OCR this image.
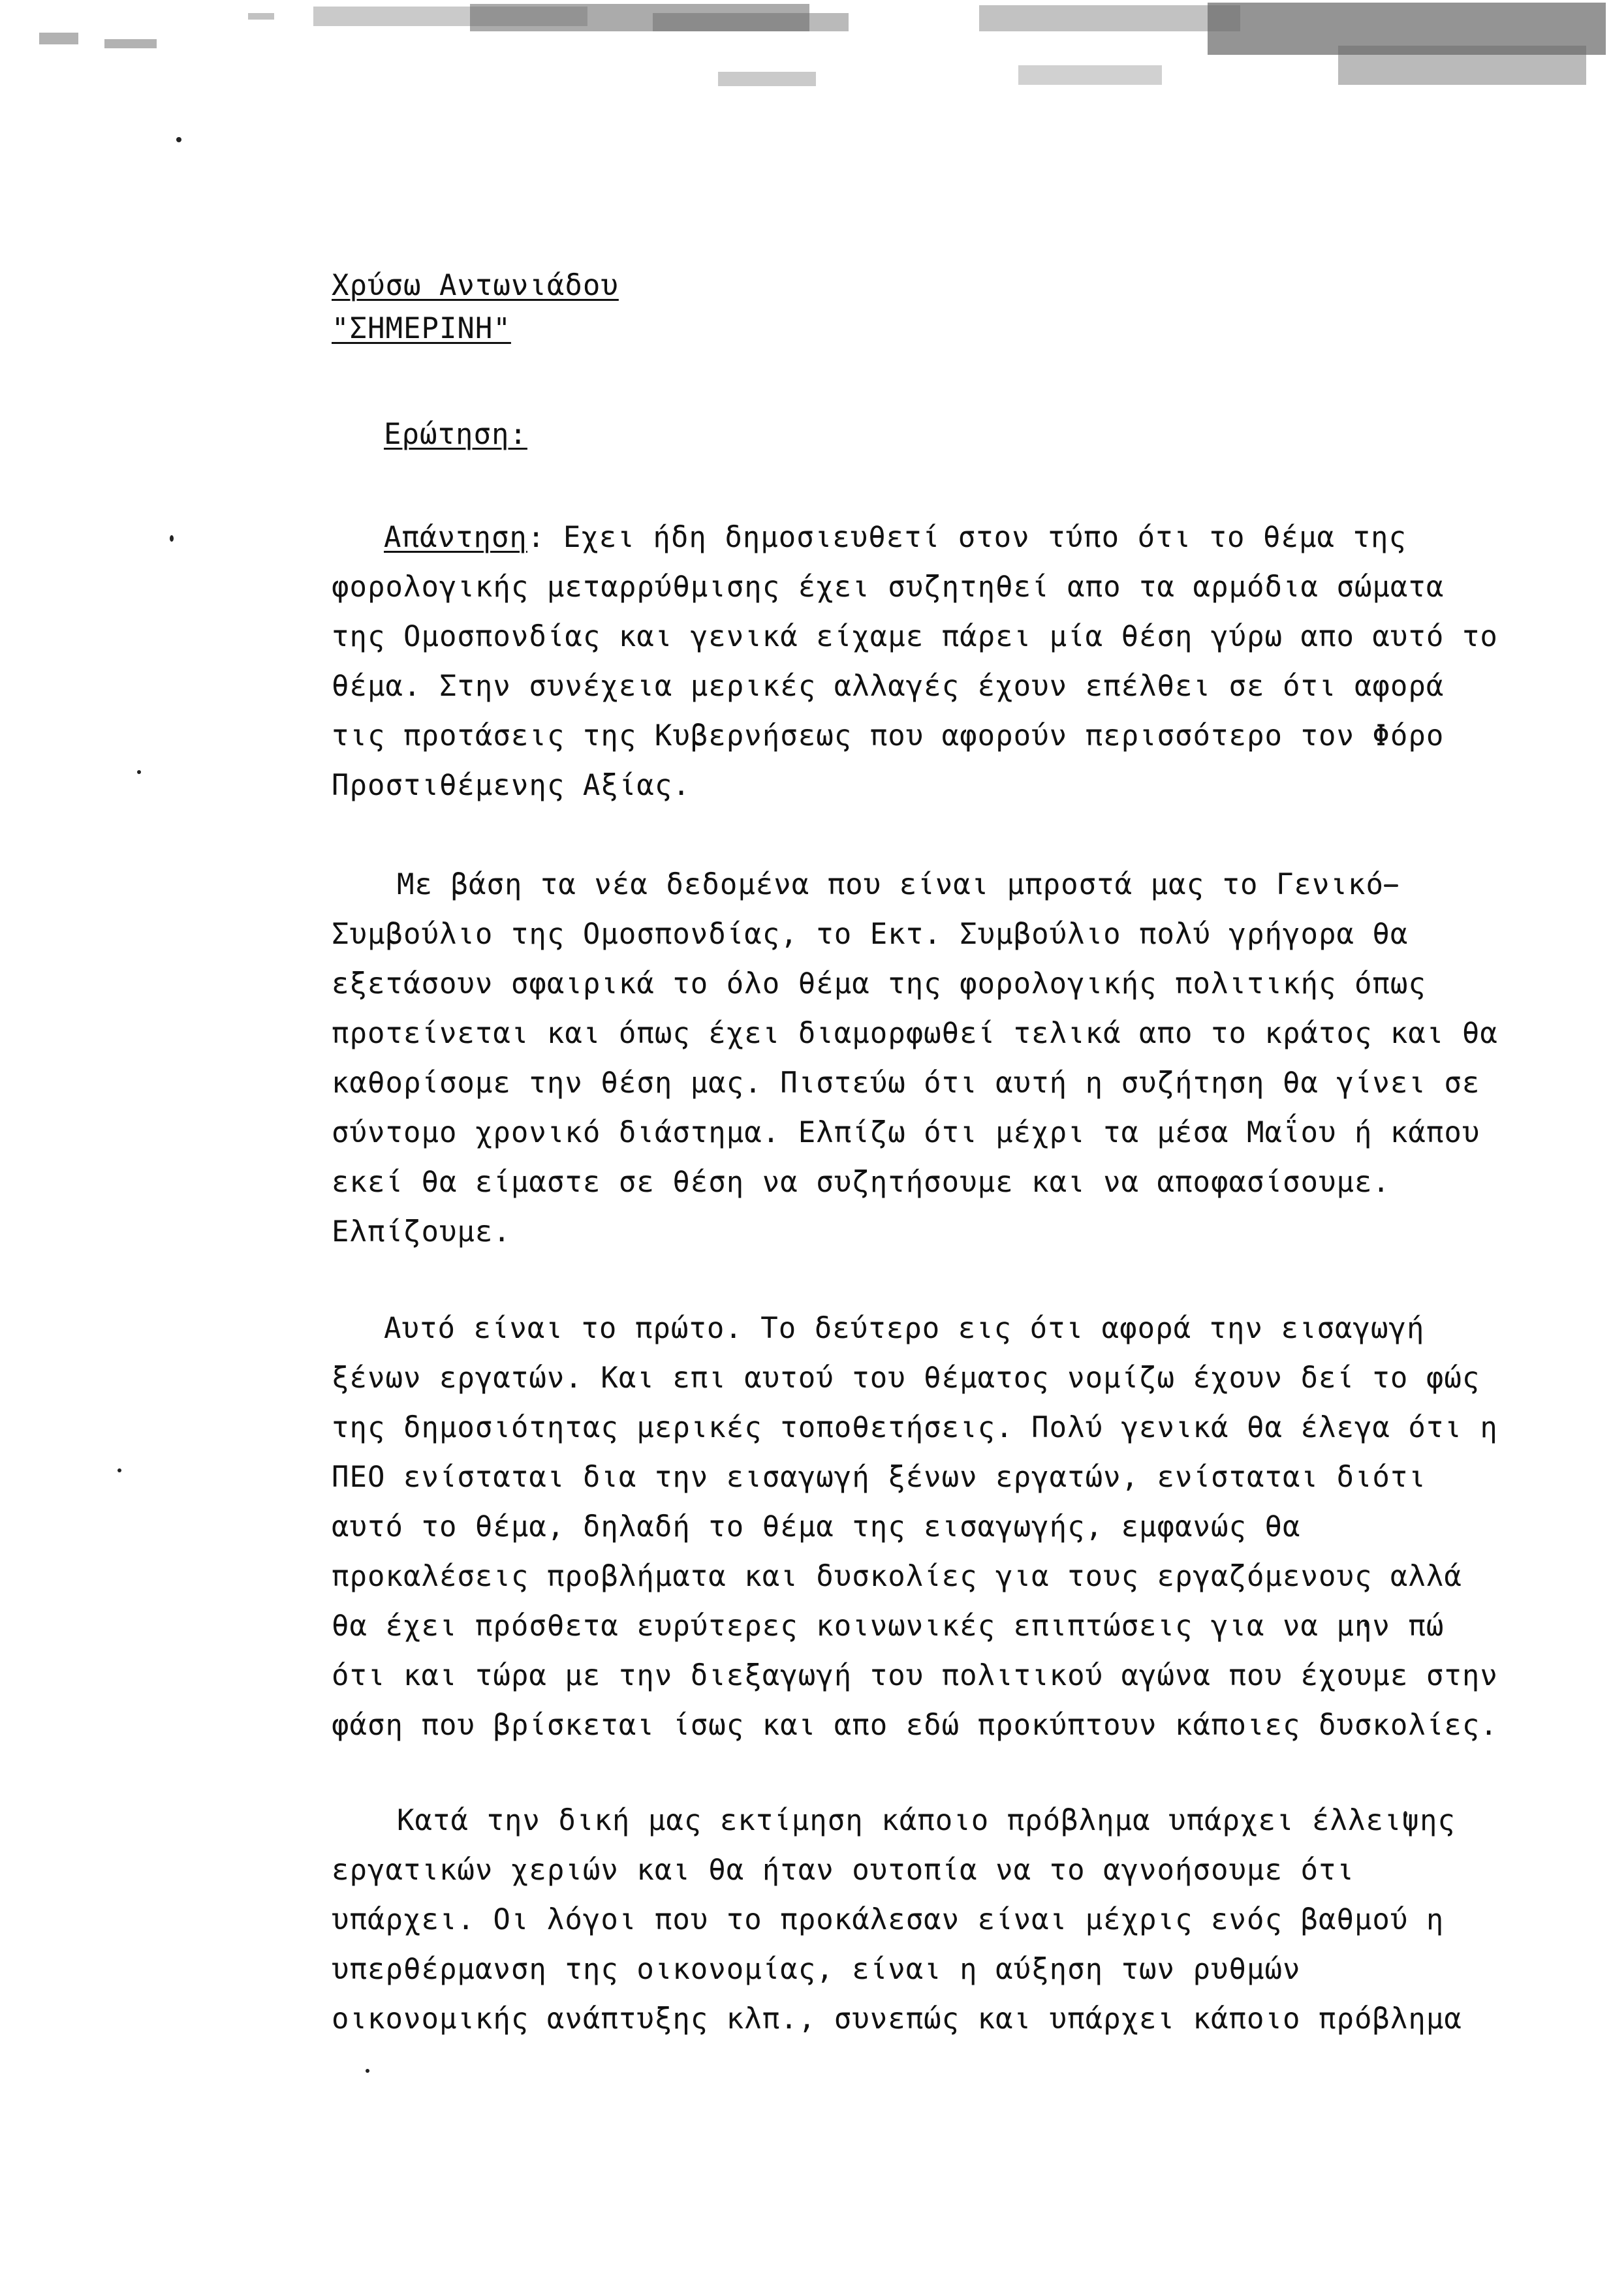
Χρύσω Αντωνιάδου
"ΣΗΜΕΡΙΝΗ"
Ερώτηση:
Απάντηση: Εχει ήδη δημοσιευθετί στον τύπο ότι το θέμα της
φορολογικής μεταρρύθμισης έχει συζητηθεί απο τα αρμόδια σώματα
της Ομοσπονδίας και γενικά είχαμε πάρει μία θέση γύρω απο αυτό το
θέμα. Στην συνέχεια μερικές αλλαγές έχουν επέλθει σε ότι αφορά
τις προτάσεις της Κυβερνήσεως που αφορούν περισσότερο τον Φόρο
Προστιθέμενης Αξίας.
Με βάση τα νέα δεδομένα που είναι μπροστά μας το Γενικό
Συμβούλιο της Ομοσπονδίας, το Εκτ. Συμβούλιο πολύ γρήγορα θα
εξετάσουν σφαιρικά το όλο θέμα της φορολογικής πολιτικής όπως
προτείνεται και όπως έχει διαμορφωθεί τελικά απο το κράτος και θα
καθορίσομε την θέση μας. Πιστεύω ότι αυτή η συζήτηση θα γίνει σε
σύντομο χρονικό διάστημα. Ελπίζω ότι μέχρι τα μέσα Μαΐου ή κάπου
εκεί θα είμαστε σε θέση να συζητήσουμε και να αποφασίσουμε.
Ελπίζουμε.
Αυτό είναι το πρώτο. Το δεύτερο εις ότι αφορά την εισαγωγή
ξένων εργατών. Και επι αυτού του θέματος νομίζω έχουν δεί το φώς
της δημοσιότητας μερικές τοποθετήσεις. Πολύ γενικά θα έλεγα ότι η
ΠΕΟ ενίσταται δια την εισαγωγή ξένων εργατών, ενίσταται διότι
αυτό το θέμα, δηλαδή το θέμα της εισαγωγής, εμφανώς θα
προκαλέσεις προβλήματα και δυσκολίες για τους εργαζόμενους αλλά
θα έχει πρόσθετα ευρύτερες κοινωνικές επιπτώσεις για να μην πώ
ότι και τώρα με την διεξαγωγή του πολιτικού αγώνα που έχουμε στην
φάση που βρίσκεται ίσως και απο εδώ προκύπτουν κάποιες δυσκολίες.
Κατά την δική μας εκτίμηση κάποιο πρόβλημα υπάρχει έλλειψης
εργατικών χεριών και θα ήταν ουτοπία να το αγνοήσουμε ότι
υπάρχει. Οι λόγοι που το προκάλεσαν είναι μέχρις ενός βαθμού η
υπερθέρμανση της οικονομίας, είναι η αύξηση των ρυθμών
οικονομικής ανάπτυξης κλπ., συνεπώς και υπάρχει κάποιο πρόβλημα
